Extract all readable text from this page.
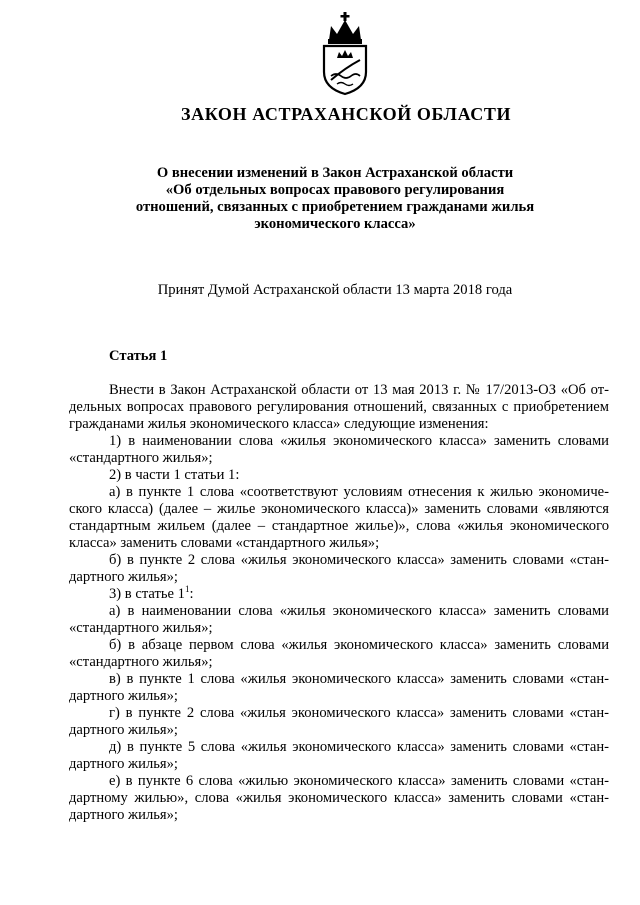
ЗАКОН АСТРАХАНСКОЙ ОБЛАСТИ
О внесении изменений в Закон Астраханской области
«Об отдельных вопросах правового регулирования
отношений, связанных с приобретением гражданами жилья
экономического класса»
Принят Думой Астраханской области 13 марта 2018 года
Статья 1
Внести в Закон Астраханской области от 13 мая 2013 г. № 17/2013-ОЗ «Об от-
дельных вопросах правового регулирования отношений, связанных с приобретением
гражданами жилья экономического класса» следующие изменения:
1) в наименовании слова «жилья экономического класса» заменить словами
«стандартного жилья»;
2) в части 1 статьи 1:
а) в пункте 1 слова «соответствуют условиям отнесения к жилью экономиче-
ского класса) (далее – жилье экономического класса)» заменить словами «являются
стандартным жильем (далее – стандартное жилье)», слова «жилья экономического
класса» заменить словами «стандартного жилья»;
б) в пункте 2 слова «жилья экономического класса» заменить словами «стан-
дартного жилья»;
3) в статье $1^1$:
а) в наименовании слова «жилья экономического класса» заменить словами
«стандартного жилья»;
б) в абзаце первом слова «жилья экономического класса» заменить словами
«стандартного жилья»;
в) в пункте 1 слова «жилья экономического класса» заменить словами «стан-
дартного жилья»;
г) в пункте 2 слова «жилья экономического класса» заменить словами «стан-
дартного жилья»;
д) в пункте 5 слова «жилья экономического класса» заменить словами «стан-
дартного жилья»;
е) в пункте 6 слова «жилью экономического класса» заменить словами «стан-
дартному жилью», слова «жилья экономического класса» заменить словами «стан-
дартного жилья»;
